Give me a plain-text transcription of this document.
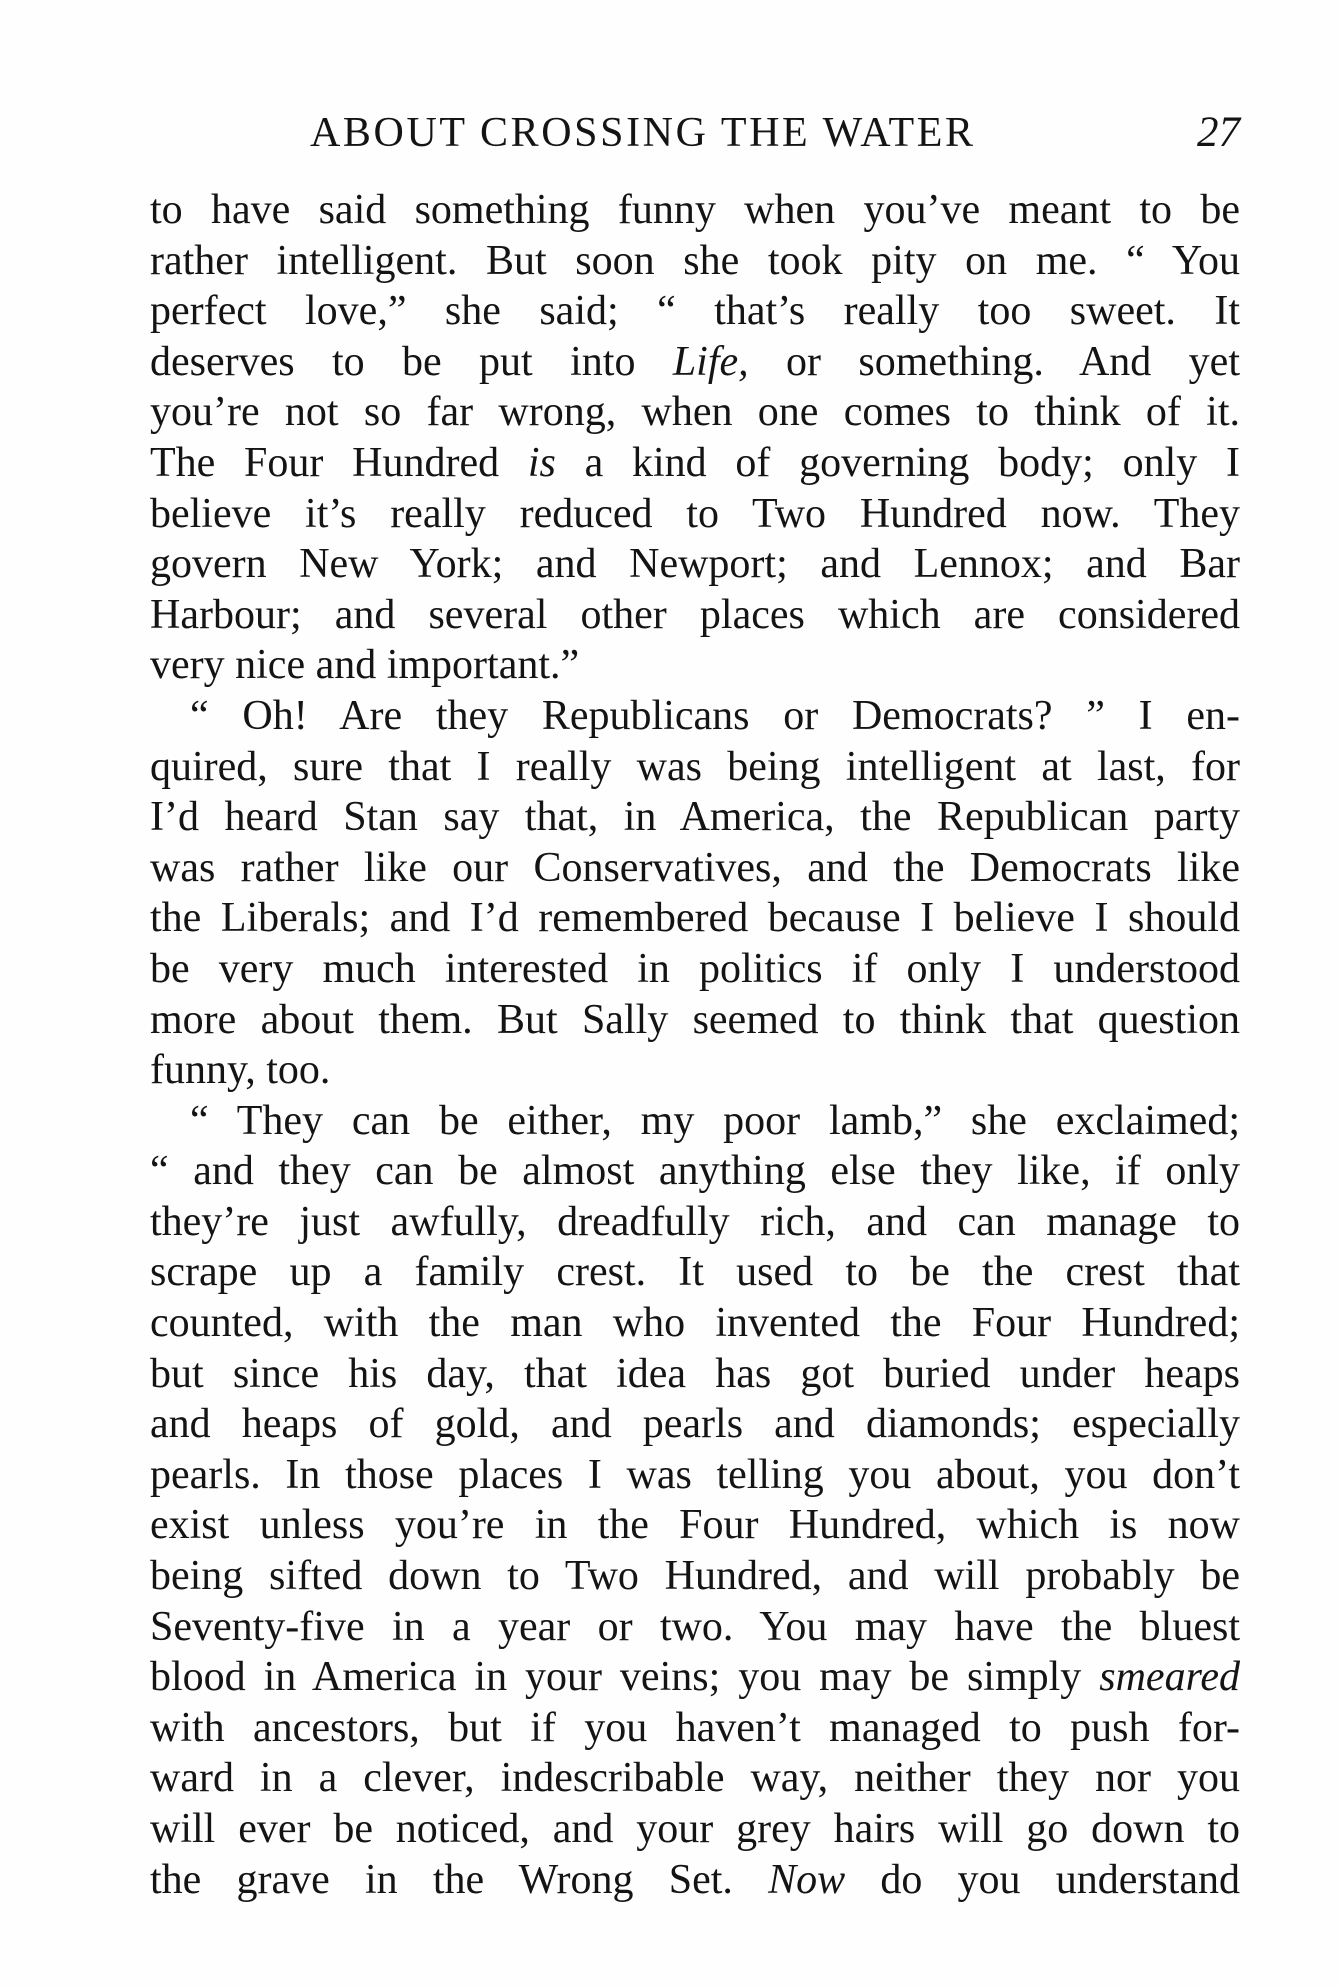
ABOUT CROSSING THE WATER	27
to have said something funny when you’ve meant to be
rather intelligent. But soon she took pity on me. “ You
perfect love,” she said; “ that’s really too sweet. It
deserves to be put into Life, or something. And yet
you’re not so far wrong, when one comes to think of it.
The Four Hundred is a kind of governing body; only I
believe it’s really reduced to Two Hundred now. They
govern New York; and Newport; and Lennox; and Bar
Harbour; and several other places which are considered
very nice and important.”
“ Oh! Are they Republicans or Democrats? ” I en-
quired, sure that I really was being intelligent at last, for
I’d heard Stan say that, in America, the Republican party
was rather like our Conservatives, and the Democrats like
the Liberals; and I’d remembered because I believe I should
be very much interested in politics if only I understood
more about them. But Sally seemed to think that question
funny, too.
“ They can be either, my poor lamb,” she exclaimed;
“ and they can be almost anything else they like, if only
they’re just awfully, dreadfully rich, and can manage to
scrape up a family crest. It used to be the crest that
counted, with the man who invented the Four Hundred;
but since his day, that idea has got buried under heaps
and heaps of gold, and pearls and diamonds; especially
pearls. In those places I was telling you about, you don’t
exist unless you’re in the Four Hundred, which is now
being sifted down to Two Hundred, and will probably be
Seventy-five in a year or two. You may have the bluest
blood in America in your veins; you may be simply smeared
with ancestors, but if you haven’t managed to push for-
ward in a clever, indescribable way, neither they nor you
will ever be noticed, and your grey hairs will go down to
the grave in the Wrong Set. Now do you understand
